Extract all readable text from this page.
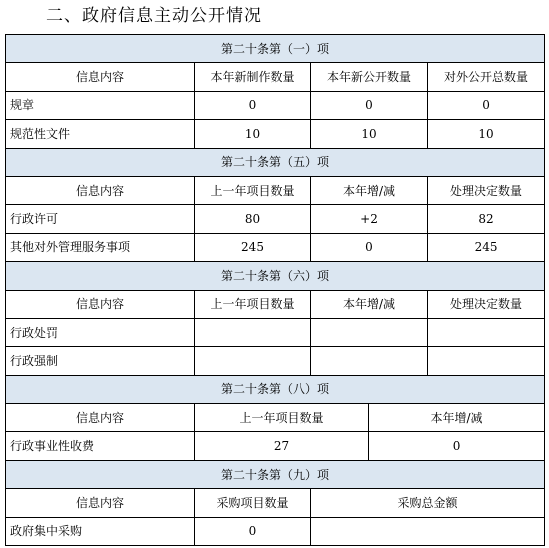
二、政府信息主动公开情况
第二十条第（一）项				
信息内容	本年新制作数量	本年新公开数量		对外公开总数量
规章	0	0		0
规范性文件	10	10		10
第二十条第（五）项				
信息内容	上一年项目数量	本年增/减		处理决定数量
行政许可	80	+2		82
其他对外管理服务事项	245	0		245
第二十条第（六）项				
信息内容	上一年项目数量	本年增/减		处理决定数量
行政处罚				
行政强制				
第二十条第（八）项				
信息内容	上一年项目数量		本年增/减	
行政事业性收费	27		0	
第二十条第（九）项				
信息内容	采购项目数量	采购总金额		
政府集中采购	0			
